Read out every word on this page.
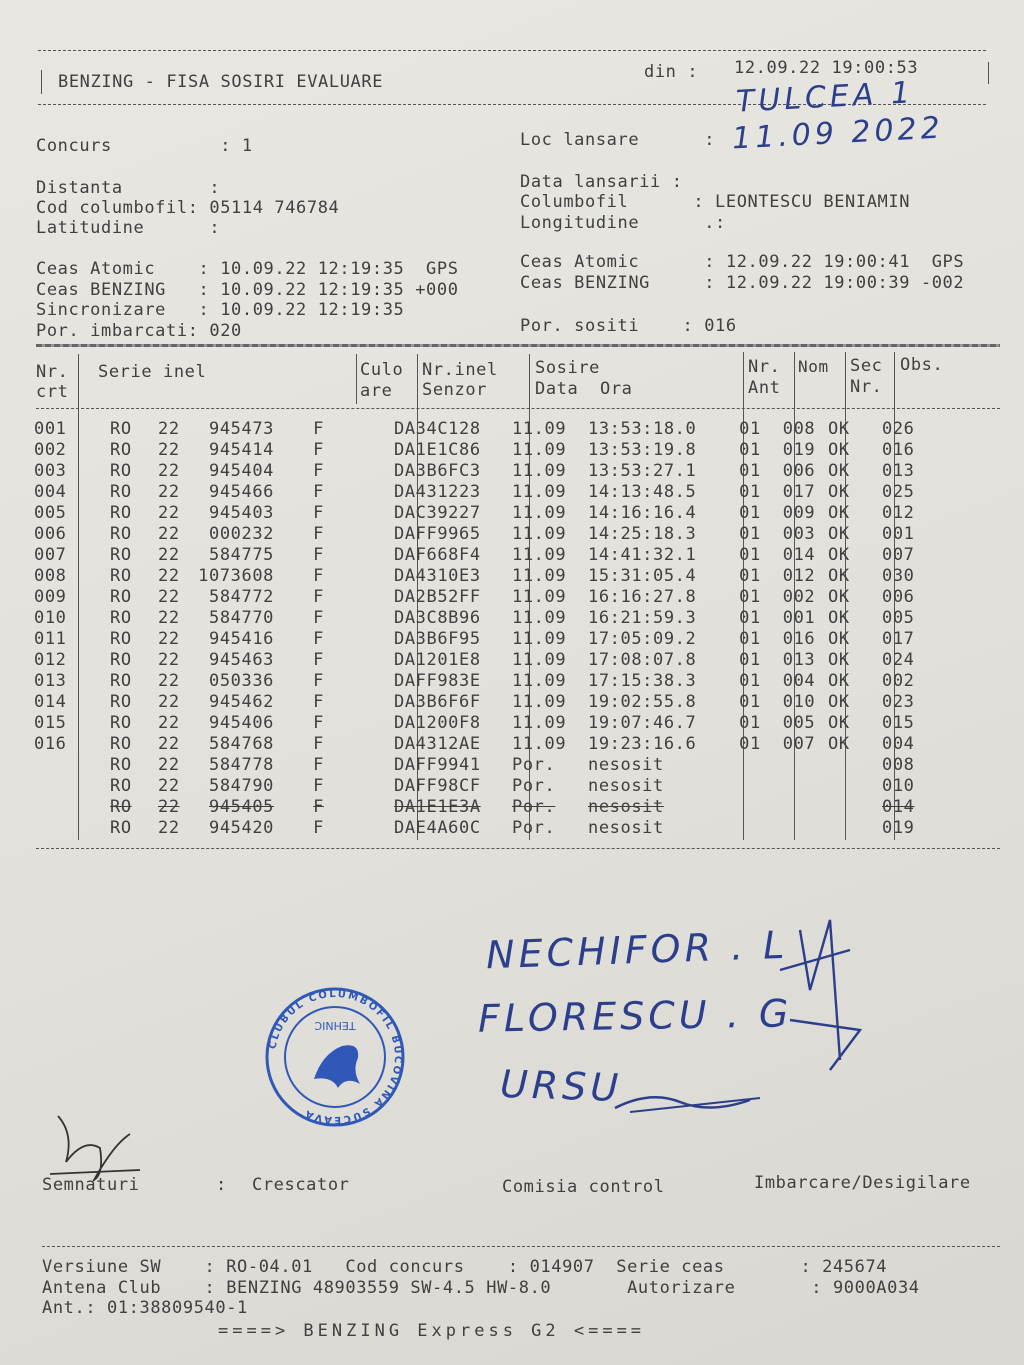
BENZING - FISA SOSIRI EVALUARE	din : 12.09.22 19:00:53
TULCEA 1
11.09 2022
Concurs          : 1
Distanta        :
Cod columbofil: 05114 746784
Latitudine      :
Ceas Atomic    : 10.09.22 12:19:35  GPS
Ceas BENZING   : 10.09.22 12:19:35 +000
Sincronizare   : 10.09.22 12:19:35
Por. imbarcati: 020
Loc lansare      :
Data lansarii :
Columbofil      : LEONTESCU BENIAMIN
Longitudine      .:
Ceas Atomic      : 12.09.22 19:00:41  GPS
Ceas BENZING     : 12.09.22 19:00:39 -002
Por. sositi    : 016
Nr.
crt
Serie inel	Culo
are
Nr.inel
Senzor
Sosire
Data  Ora
Nr.
Ant
Nom Sec
Nr.
Obs.
001	RO	22	945473	F		DA34C128	11.09	13:53:18.0	01	008	OK	026
002	RO	22	945414	F		DA1E1C86	11.09	13:53:19.8	01	019	OK	016
003	RO	22	945404	F		DA3B6FC3	11.09	13:53:27.1	01	006	OK	013
004	RO	22	945466	F		DA431223	11.09	14:13:48.5	01	017	OK	025
005	RO	22	945403	F		DAC39227	11.09	14:16:16.4	01	009	OK	012
006	RO	22	000232	F		DAFF9965	11.09	14:25:18.3	01	003	OK	001
007	RO	22	584775	F		DAF668F4	11.09	14:41:32.1	01	014	OK	007
008	RO	22	1073608	F		DA4310E3	11.09	15:31:05.4	01	012	OK	030
009	RO	22	584772	F		DA2B52FF	11.09	16:16:27.8	01	002	OK	006
010	RO	22	584770	F		DA3C8B96	11.09	16:21:59.3	01	001	OK	005
011	RO	22	945416	F		DA3B6F95	11.09	17:05:09.2	01	016	OK	017
012	RO	22	945463	F		DA1201E8	11.09	17:08:07.8	01	013	OK	024
013	RO	22	050336	F		DAFF983E	11.09	17:15:38.3	01	004	OK	002
014	RO	22	945462	F		DA3B6F6F	11.09	19:02:55.8	01	010	OK	023
015	RO	22	945406	F		DA1200F8	11.09	19:07:46.7	01	005	OK	015
016	RO	22	584768	F		DA4312AE	11.09	19:23:16.6	01	007	OK	004
	RO	22	584778	F		DAFF9941	Por.	nesosit				008
	RO	22	584790	F		DAFF98CF	Por.	nesosit				010
	RO	22	945405	F		DA1E1E3A	Por.	nesosit				014
	RO	22	945420	F		DAE4A60C	Por.	nesosit				019
NECHIFOR . L
FLORESCU . G
URSU
CLUBUL COLUMBOFIL BUCOVINA SUCEAVA
TEHNIC
Semnaturi	: Crescator	Comisia control	Imbarcare/Desigilare
Versiune SW    : RO-04.01   Cod concurs    : 014907  Serie ceas       : 245674
Antena Club    : BENZING 48903559 SW-4.5 HW-8.0       Autorizare       : 9000A034
Ant.: 01:38809540-1
====> BENZING Express G2 <====
